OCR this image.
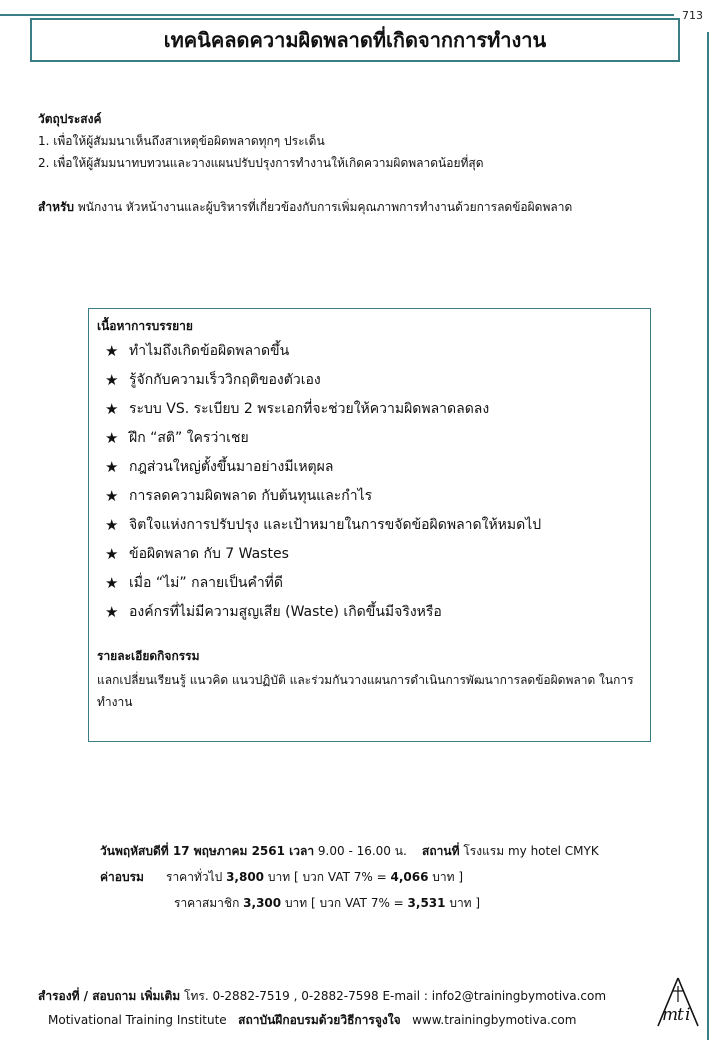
713
เทคนิคลดความผิดพลาดที่เกิดจากการทำงาน

วัตถุประสงค์

1. เพื่อให้ผู้สัมมนาเห็นถึงสาเหตุข้อผิดพลาดทุกๆ ประเด็น

2. เพื่อให้ผู้สัมมนาทบทวนและวางแผนปรับปรุงการทำงานให้เกิดความผิดพลาดน้อยที่สุด

สำหรับ พนักงาน หัวหน้างานและผู้บริหารที่เกี่ยวข้องกับการเพิ่มคุณภาพการทำงานด้วยการลดข้อผิดพลาด

เนื้อหาการบรรยาย

★ ทำไมถึงเกิดข้อผิดพลาดขึ้น
★ รู้จักกับความเร็ววิกฤติของตัวเอง
★ ระบบ VS. ระเบียบ 2 พระเอกที่จะช่วยให้ความผิดพลาดลดลง
★ ฝึก “สติ” ใครว่าเชย
★ กฎส่วนใหญ่ตั้งขึ้นมาอย่างมีเหตุผล
★ การลดความผิดพลาด กับต้นทุนและกำไร
★ จิตใจแห่งการปรับปรุง และเป้าหมายในการขจัดข้อผิดพลาดให้หมดไป
★ ข้อผิดพลาด กับ 7 Wastes
★ เมื่อ “ไม่” กลายเป็นคำที่ดี
★ องค์กรที่ไม่มีความสูญเสีย (Waste) เกิดขึ้นมีจริงหรือ

รายละเอียดกิจกรรม

แลกเปลี่ยนเรียนรู้ แนวคิด แนวปฏิบัติ และร่วมกันวางแผนการดำเนินการพัฒนาการลดข้อผิดพลาด ในการทำงาน

วันพฤหัสบดีที่ 17 พฤษภาคม 2561 เวลา 9.00 - 16.00 น. สถานที่ โรงแรม my hotel CMYK
ค่าอบรม ราคาทั่วไป 3,800 บาท [ บวก VAT 7% = 4,066 บาท ]
ราคาสมาชิก 3,300 บาท [ บวก VAT 7% = 3,531 บาท ]
สำรองที่ / สอบถาม เพิ่มเติม โทร. 0-2882-7519 , 0-2882-7598 E-mail : info2@trainingbymotiva.com
Motivational Training Institute สถาบันฝึกอบรมด้วยวิธีการจูงใจ www.trainingbymotiva.com	m
t i
